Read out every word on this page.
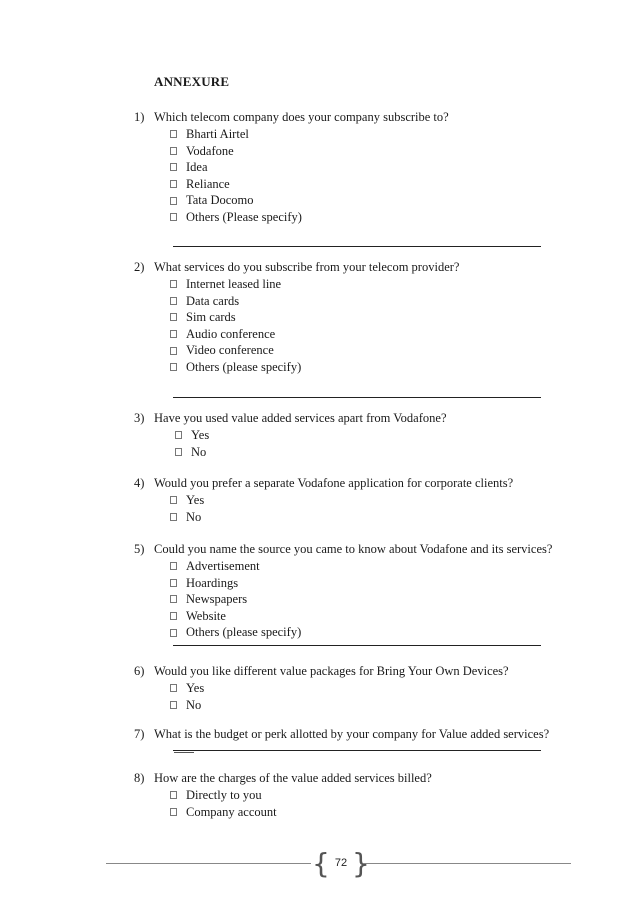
ANNEXURE
1) Which telecom company does your company subscribe to?
Bharti Airtel
Vodafone
Idea
Reliance
Tata Docomo
Others (Please specify)
2) What services do you subscribe from your telecom provider?
Internet leased line
Data cards
Sim cards
Audio conference
Video conference
Others (please specify)
3) Have you used value added services apart from Vodafone?
Yes
No
4) Would you prefer a separate Vodafone application for corporate clients?
Yes
No
5) Could you name the source you came to know about Vodafone and its services?
Advertisement
Hoardings
Newspapers
Website
Others (please specify)
6) Would you like different value packages for Bring Your Own Devices?
Yes
No
7) What is the budget or perk allotted by your company for Value added services?
8) How are the charges of the value added services billed?
Directly to you
Company account
{ 72 }
